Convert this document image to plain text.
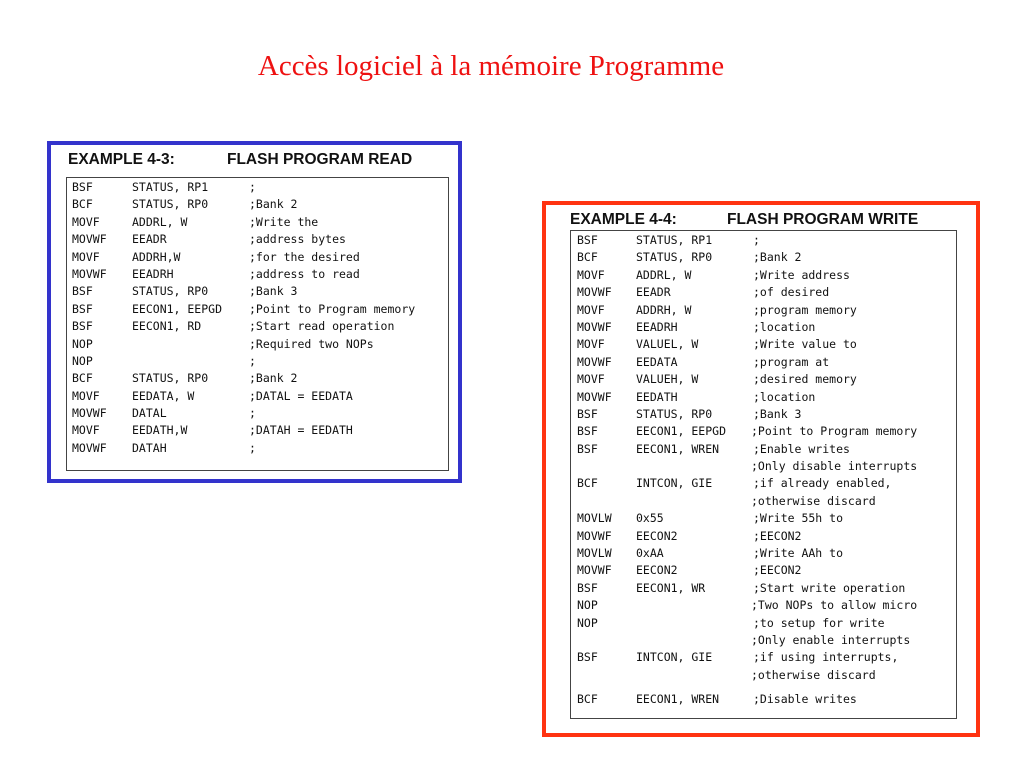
Accès logiciel à la mémoire Programme
EXAMPLE 4-3:	FLASH PROGRAM READ
BSF	STATUS, RP1	;
BCF	STATUS, RP0	;Bank 2
MOVF	ADDRL, W	;Write the
MOVWF EEADR	;address bytes
MOVF	ADDRH,W	;for the desired
MOVWF EEADRH	;address to read
BSF	STATUS, RP0	;Bank 3
BSF	EECON1, EEPGD ;Point to Program memory
BSF	EECON1, RD	;Start read operation
NOP	;Required two NOPs
NOP	;
BCF	STATUS, RP0	;Bank 2
MOVF	EEDATA, W	;DATAL = EEDATA
MOVWF DATAL	;
MOVF	EEDATH,W	;DATAH = EEDATH
MOVWF DATAH	;
EXAMPLE 4-4:	FLASH PROGRAM WRITE
BSF	STATUS, RP1	;
BCF	STATUS, RP0	;Bank 2
MOVF	ADDRL, W	;Write address
MOVWF EEADR	;of desired
MOVF	ADDRH, W	;program memory
MOVWF EEADRH	;location
MOVF	VALUEL, W	;Write value to
MOVWF EEDATA	;program at
MOVF	VALUEH, W	;desired memory
MOVWF EEDATH	;location
BSF	STATUS, RP0	;Bank 3
BSF	EECON1, EEPGD ;Point to Program memory
BSF	EECON1, WREN	;Enable writes
;Only disable interrupts
BCF	INTCON, GIE	;if already enabled,
;otherwise discard
MOVLW 0x55	;Write 55h to
MOVWF EECON2	;EECON2
MOVLW 0xAA	;Write AAh to
MOVWF EECON2	;EECON2
BSF	EECON1, WR	;Start write operation
NOP	;Two NOPs to allow micro
NOP	;to setup for write
;Only enable interrupts
BSF	INTCON, GIE	;if using interrupts,
;otherwise discard
BCF	EECON1, WREN	;Disable writes
